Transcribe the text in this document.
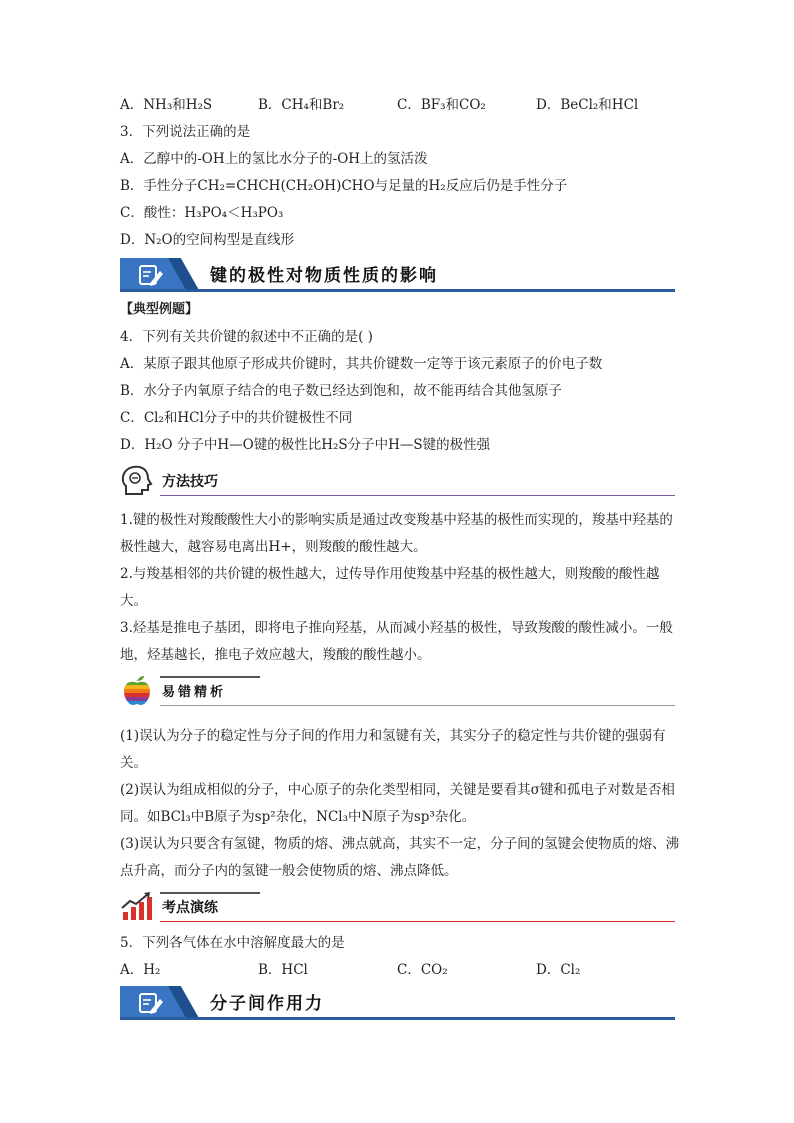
A．NH₃和H₂S	B．CH₄和Br₂	C．BF₃和CO₂	D．BeCl₂和HCl
3．下列说法正确的是
A．乙醇中的-OH上的氢比水分子的-OH上的氢活泼
B．手性分子CH₂=CHCH(CH₂OH)CHO与足量的H₂反应后仍是手性分子
C．酸性：H₃PO₄＜H₃PO₃
D．N₂O的空间构型是直线形
键的极性对物质性质的影响
【典型例题】
4．下列有关共价键的叙述中不正确的是( )
A．某原子跟其他原子形成共价键时，其共价键数一定等于该元素原子的价电子数
B．水分子内氧原子结合的电子数已经达到饱和，故不能再结合其他氢原子
C．Cl₂和HCl分子中的共价键极性不同
D．H₂O 分子中H—O键的极性比H₂S分子中H—S键的极性强
方法技巧
1.键的极性对羧酸酸性大小的影响实质是通过改变羧基中羟基的极性而实现的，羧基中羟基的极性越大，越容易电离出H+，则羧酸的酸性越大。
2.与羧基相邻的共价键的极性越大，过传导作用使羧基中羟基的极性越大，则羧酸的酸性越大。
3.烃基是推电子基团，即将电子推向羟基，从而减小羟基的极性，导致羧酸的酸性减小。一般地，烃基越长，推电子效应越大，羧酸的酸性越小。
易错精析
(1)误认为分子的稳定性与分子间的作用力和氢键有关，其实分子的稳定性与共价键的强弱有关。
(2)误认为组成相似的分子，中心原子的杂化类型相同，关键是要看其σ键和孤电子对数是否相同。如BCl₃中B原子为sp²杂化，NCl₃中N原子为sp³杂化。
(3)误认为只要含有氢键，物质的熔、沸点就高，其实不一定，分子间的氢键会使物质的熔、沸点升高，而分子内的氢键一般会使物质的熔、沸点降低。
考点演练
5．下列各气体在水中溶解度最大的是
A．H₂	B．HCl	C．CO₂	D．Cl₂
分子间作用力
